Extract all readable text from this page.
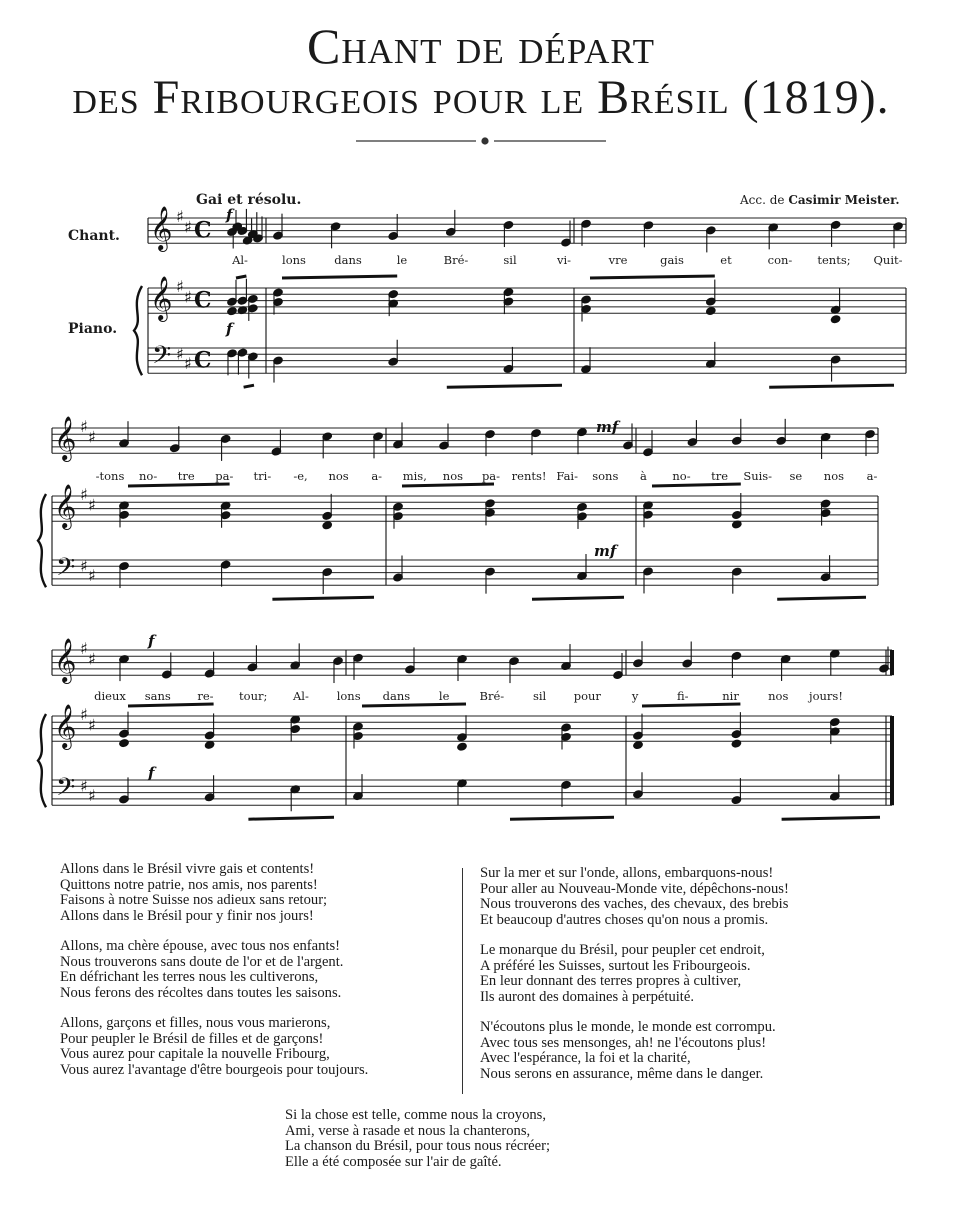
Chant de départ
des Fribourgeois pour le Brésil (1819).
Gai et résolu.	Acc. de Casimir Meister.
Chant.
Piano.
𝄞
𝄞
𝄢
♯
♯
♯
♯
♯ ♯
C
C
C
f
f
𝄞
𝄞
𝄢
♯
♯
♯
♯
♯ ♯
mf
mf
𝄞
𝄞
𝄢
♯
♯
♯
♯
♯ ♯
f
f
Al-	lons dans	le	Bré-	sil	vi-	vre	gais	et	con- tents; Quit-
-tons no- tre pa- tri- -e, nos a- mis, nos pa- rents! Fai- sons à no- tre Suis- se nos a-
dieux sans re- tour; Al- lons dans le	Bré-	sil pour	y	fi-	nir	nos jours!
Allons dans le Brésil vivre gais et contents!
Quittons notre patrie, nos amis, nos parents!
Faisons à notre Suisse nos adieux sans retour;
Allons dans le Brésil pour y finir nos jours!
Allons, ma chère épouse, avec tous nos enfants!
Nous trouverons sans doute de l'or et de l'argent.
En défrichant les terres nous les cultiverons,
Nous ferons des récoltes dans toutes les saisons.
Allons, garçons et filles, nous vous marierons,
Pour peupler le Brésil de filles et de garçons!
Vous aurez pour capitale la nouvelle Fribourg,
Vous aurez l'avantage d'être bourgeois pour toujours.
Sur la mer et sur l'onde, allons, embarquons-nous!
Pour aller au Nouveau-Monde vite, dépêchons-nous!
Nous trouverons des vaches, des chevaux, des brebis
Et beaucoup d'autres choses qu'on nous a promis.
Le monarque du Brésil, pour peupler cet endroit,
A préféré les Suisses, surtout les Fribourgeois.
En leur donnant des terres propres à cultiver,
Ils auront des domaines à perpétuité.
N'écoutons plus le monde, le monde est corrompu.
Avec tous ses mensonges, ah! ne l'écoutons plus!
Avec l'espérance, la foi et la charité,
Nous serons en assurance, même dans le danger.
Si la chose est telle, comme nous la croyons,
Ami, verse à rasade et nous la chanterons,
La chanson du Brésil, pour tous nous récréer;
Elle a été composée sur l'air de gaîté.
